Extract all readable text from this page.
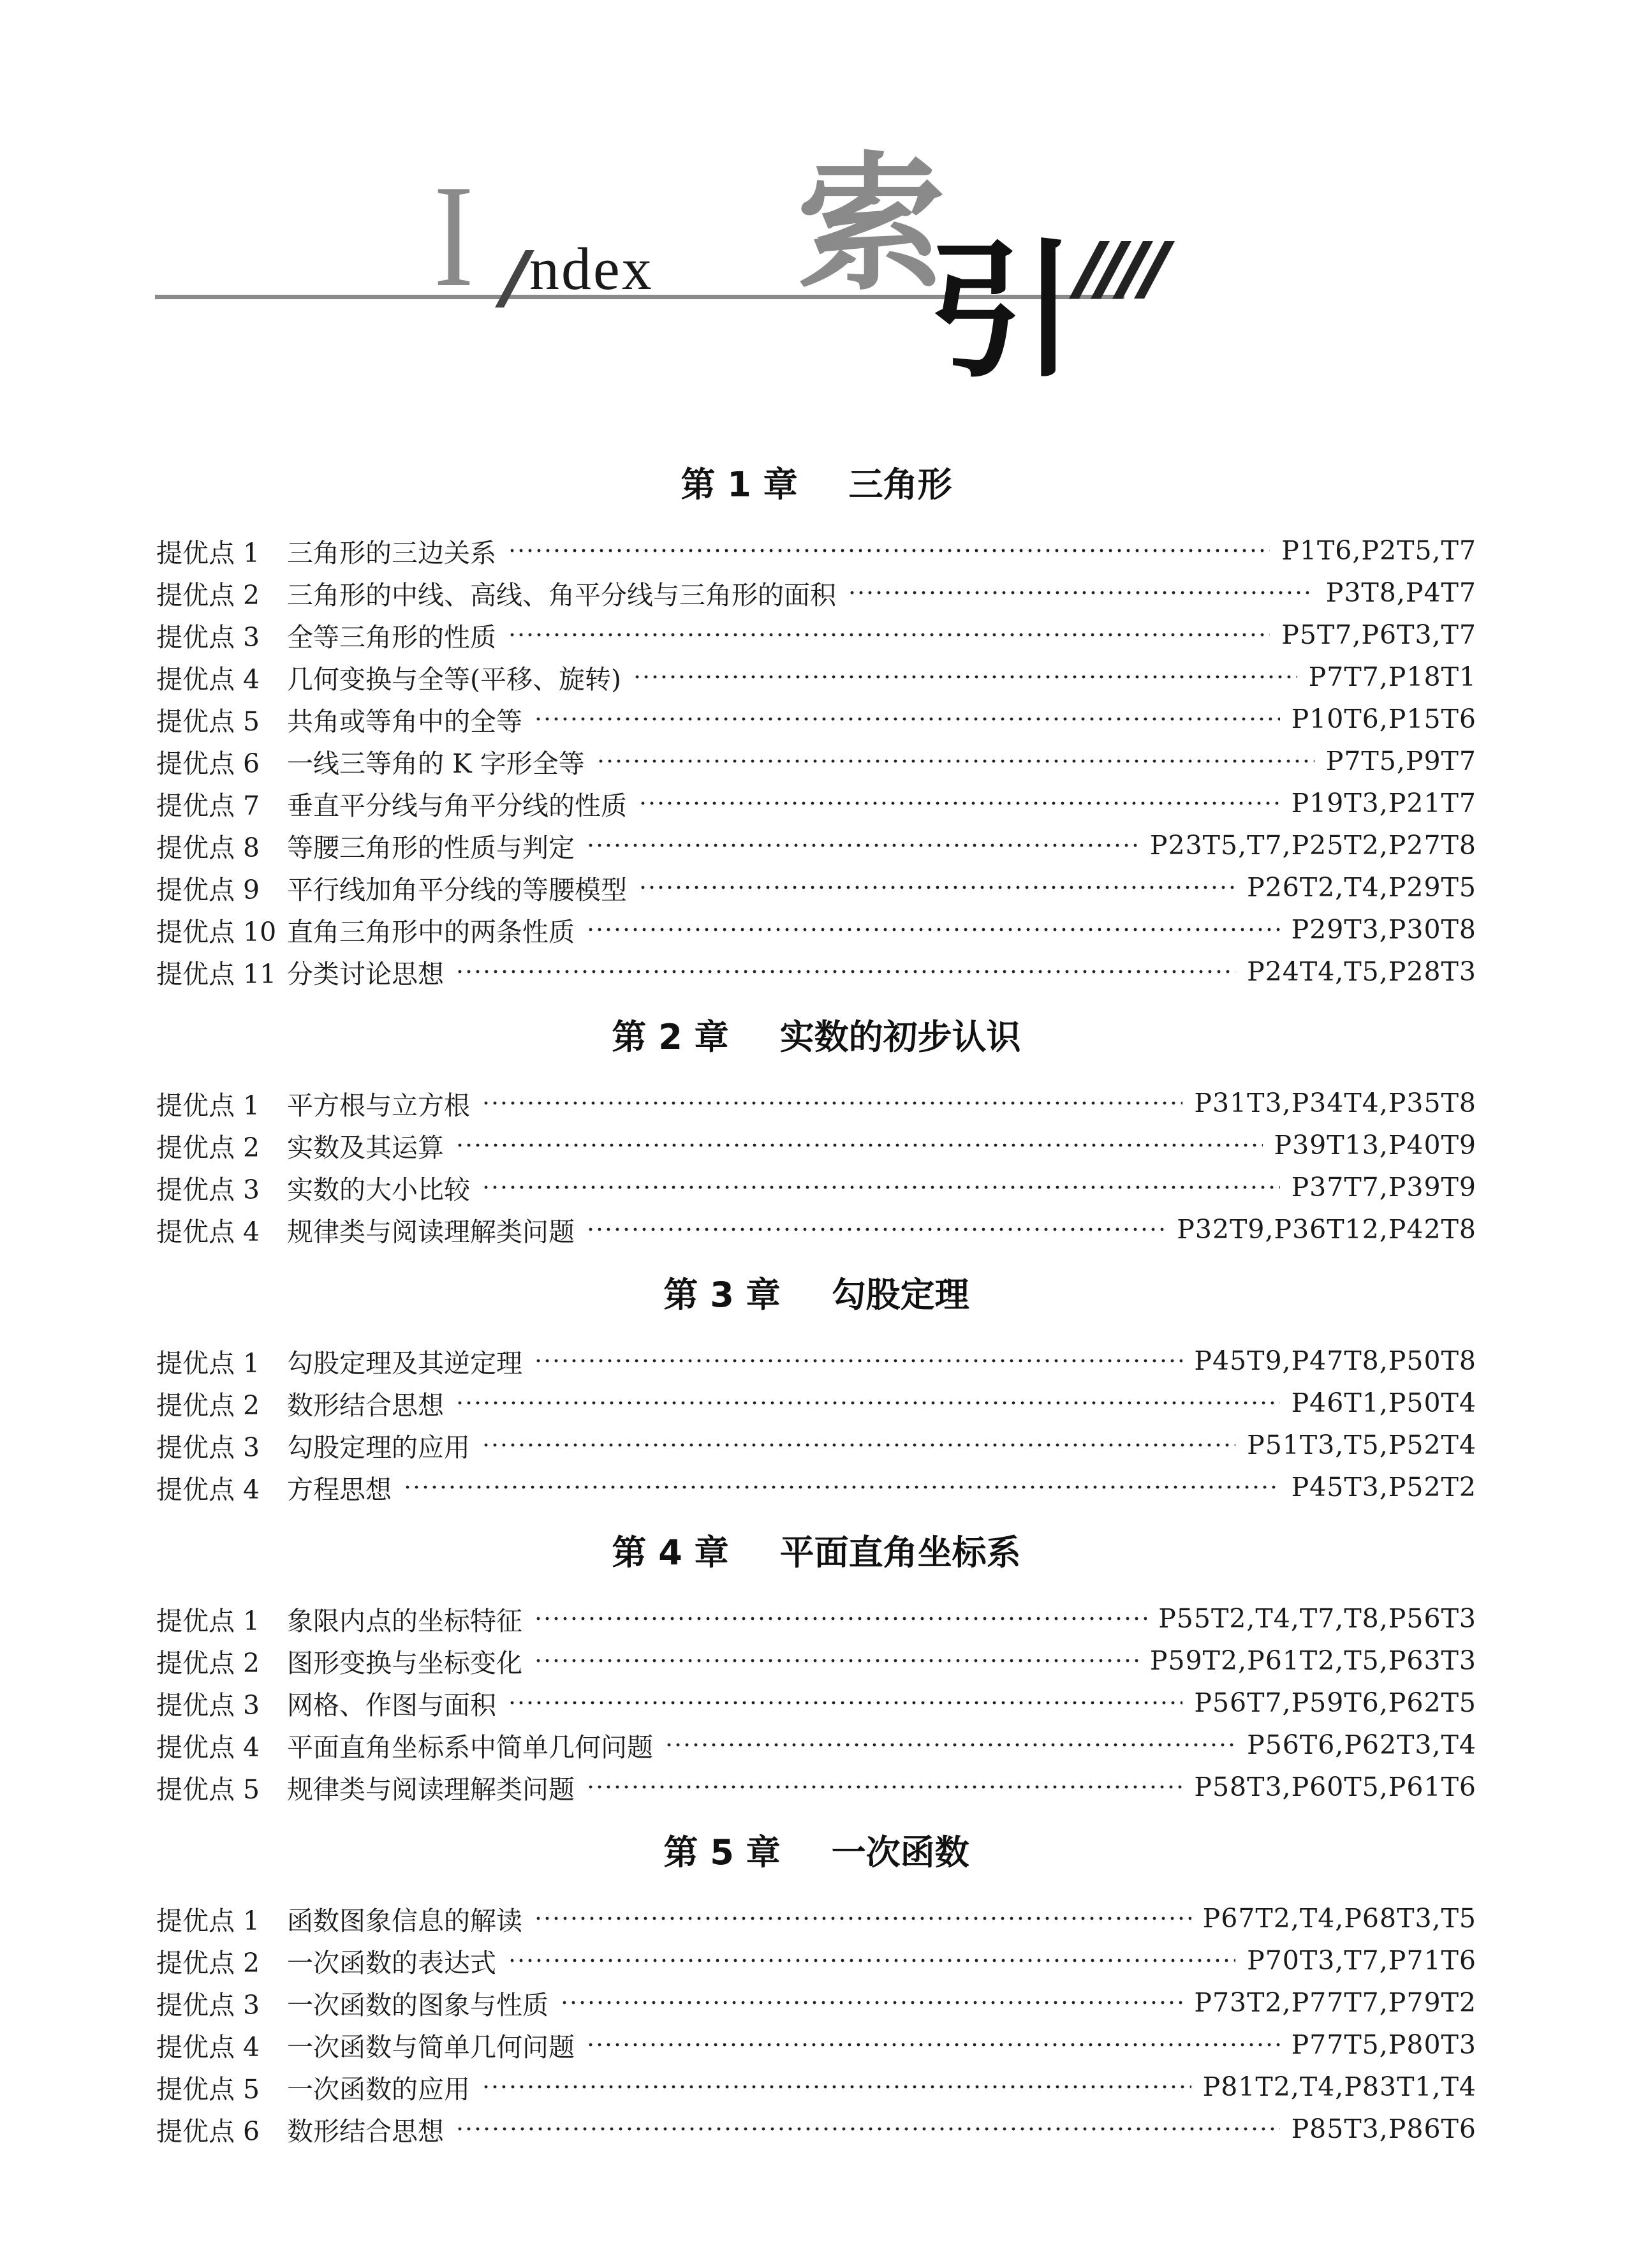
I ndex 索
引
第 1 章 三角形
提优点 1	三角形的三边关系	P1T6,P2T5,T7
提优点 2	三角形的中线、高线、角平分线与三角形的面积	P3T8,P4T7
提优点 3	全等三角形的性质	P5T7,P6T3,T7
提优点 4	几何变换与全等(平移、旋转)	P7T7,P18T1
提优点 5	共角或等角中的全等	P10T6,P15T6
提优点 6	一线三等角的 K 字形全等	P7T5,P9T7
提优点 7	垂直平分线与角平分线的性质	P19T3,P21T7
提优点 8	等腰三角形的性质与判定	P23T5,T7,P25T2,P27T8
提优点 9	平行线加角平分线的等腰模型	P26T2,T4,P29T5
提优点 10 直角三角形中的两条性质	P29T3,P30T8
提优点 11 分类讨论思想	P24T4,T5,P28T3
第 2 章 实数的初步认识
提优点 1	平方根与立方根	P31T3,P34T4,P35T8
提优点 2	实数及其运算	P39T13,P40T9
提优点 3	实数的大小比较	P37T7,P39T9
提优点 4	规律类与阅读理解类问题	P32T9,P36T12,P42T8
第 3 章 勾股定理
提优点 1	勾股定理及其逆定理	P45T9,P47T8,P50T8
提优点 2	数形结合思想	P46T1,P50T4
提优点 3	勾股定理的应用	P51T3,T5,P52T4
提优点 4	方程思想	P45T3,P52T2
第 4 章 平面直角坐标系
提优点 1	象限内点的坐标特征	P55T2,T4,T7,T8,P56T3
提优点 2	图形变换与坐标变化	P59T2,P61T2,T5,P63T3
提优点 3	网格、作图与面积	P56T7,P59T6,P62T5
提优点 4	平面直角坐标系中简单几何问题	P56T6,P62T3,T4
提优点 5	规律类与阅读理解类问题	P58T3,P60T5,P61T6
第 5 章 一次函数
提优点 1	函数图象信息的解读	P67T2,T4,P68T3,T5
提优点 2	一次函数的表达式	P70T3,T7,P71T6
提优点 3	一次函数的图象与性质	P73T2,P77T7,P79T2
提优点 4	一次函数与简单几何问题	P77T5,P80T3
提优点 5	一次函数的应用	P81T2,T4,P83T1,T4
提优点 6	数形结合思想	P85T3,P86T6
